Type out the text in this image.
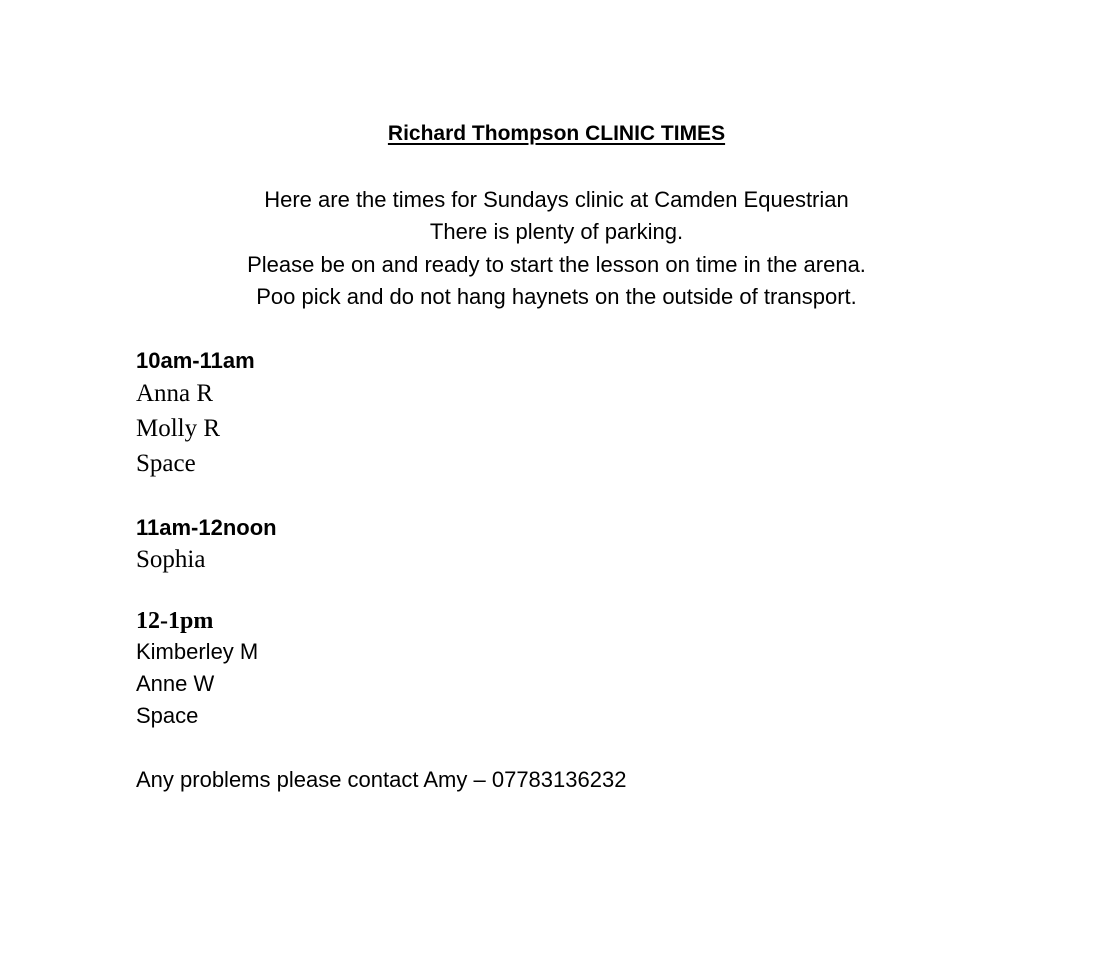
Richard Thompson CLINIC TIMES
Here are the times for Sundays clinic at Camden Equestrian
There is plenty of parking.
Please be on and ready to start the lesson on time in the arena.
Poo pick and do not hang haynets on the outside of transport.
10am-11am
Anna R
Molly R
Space
11am-12noon
Sophia
12-1pm
Kimberley M
Anne W
Space
Any problems please contact Amy – 07783136232
